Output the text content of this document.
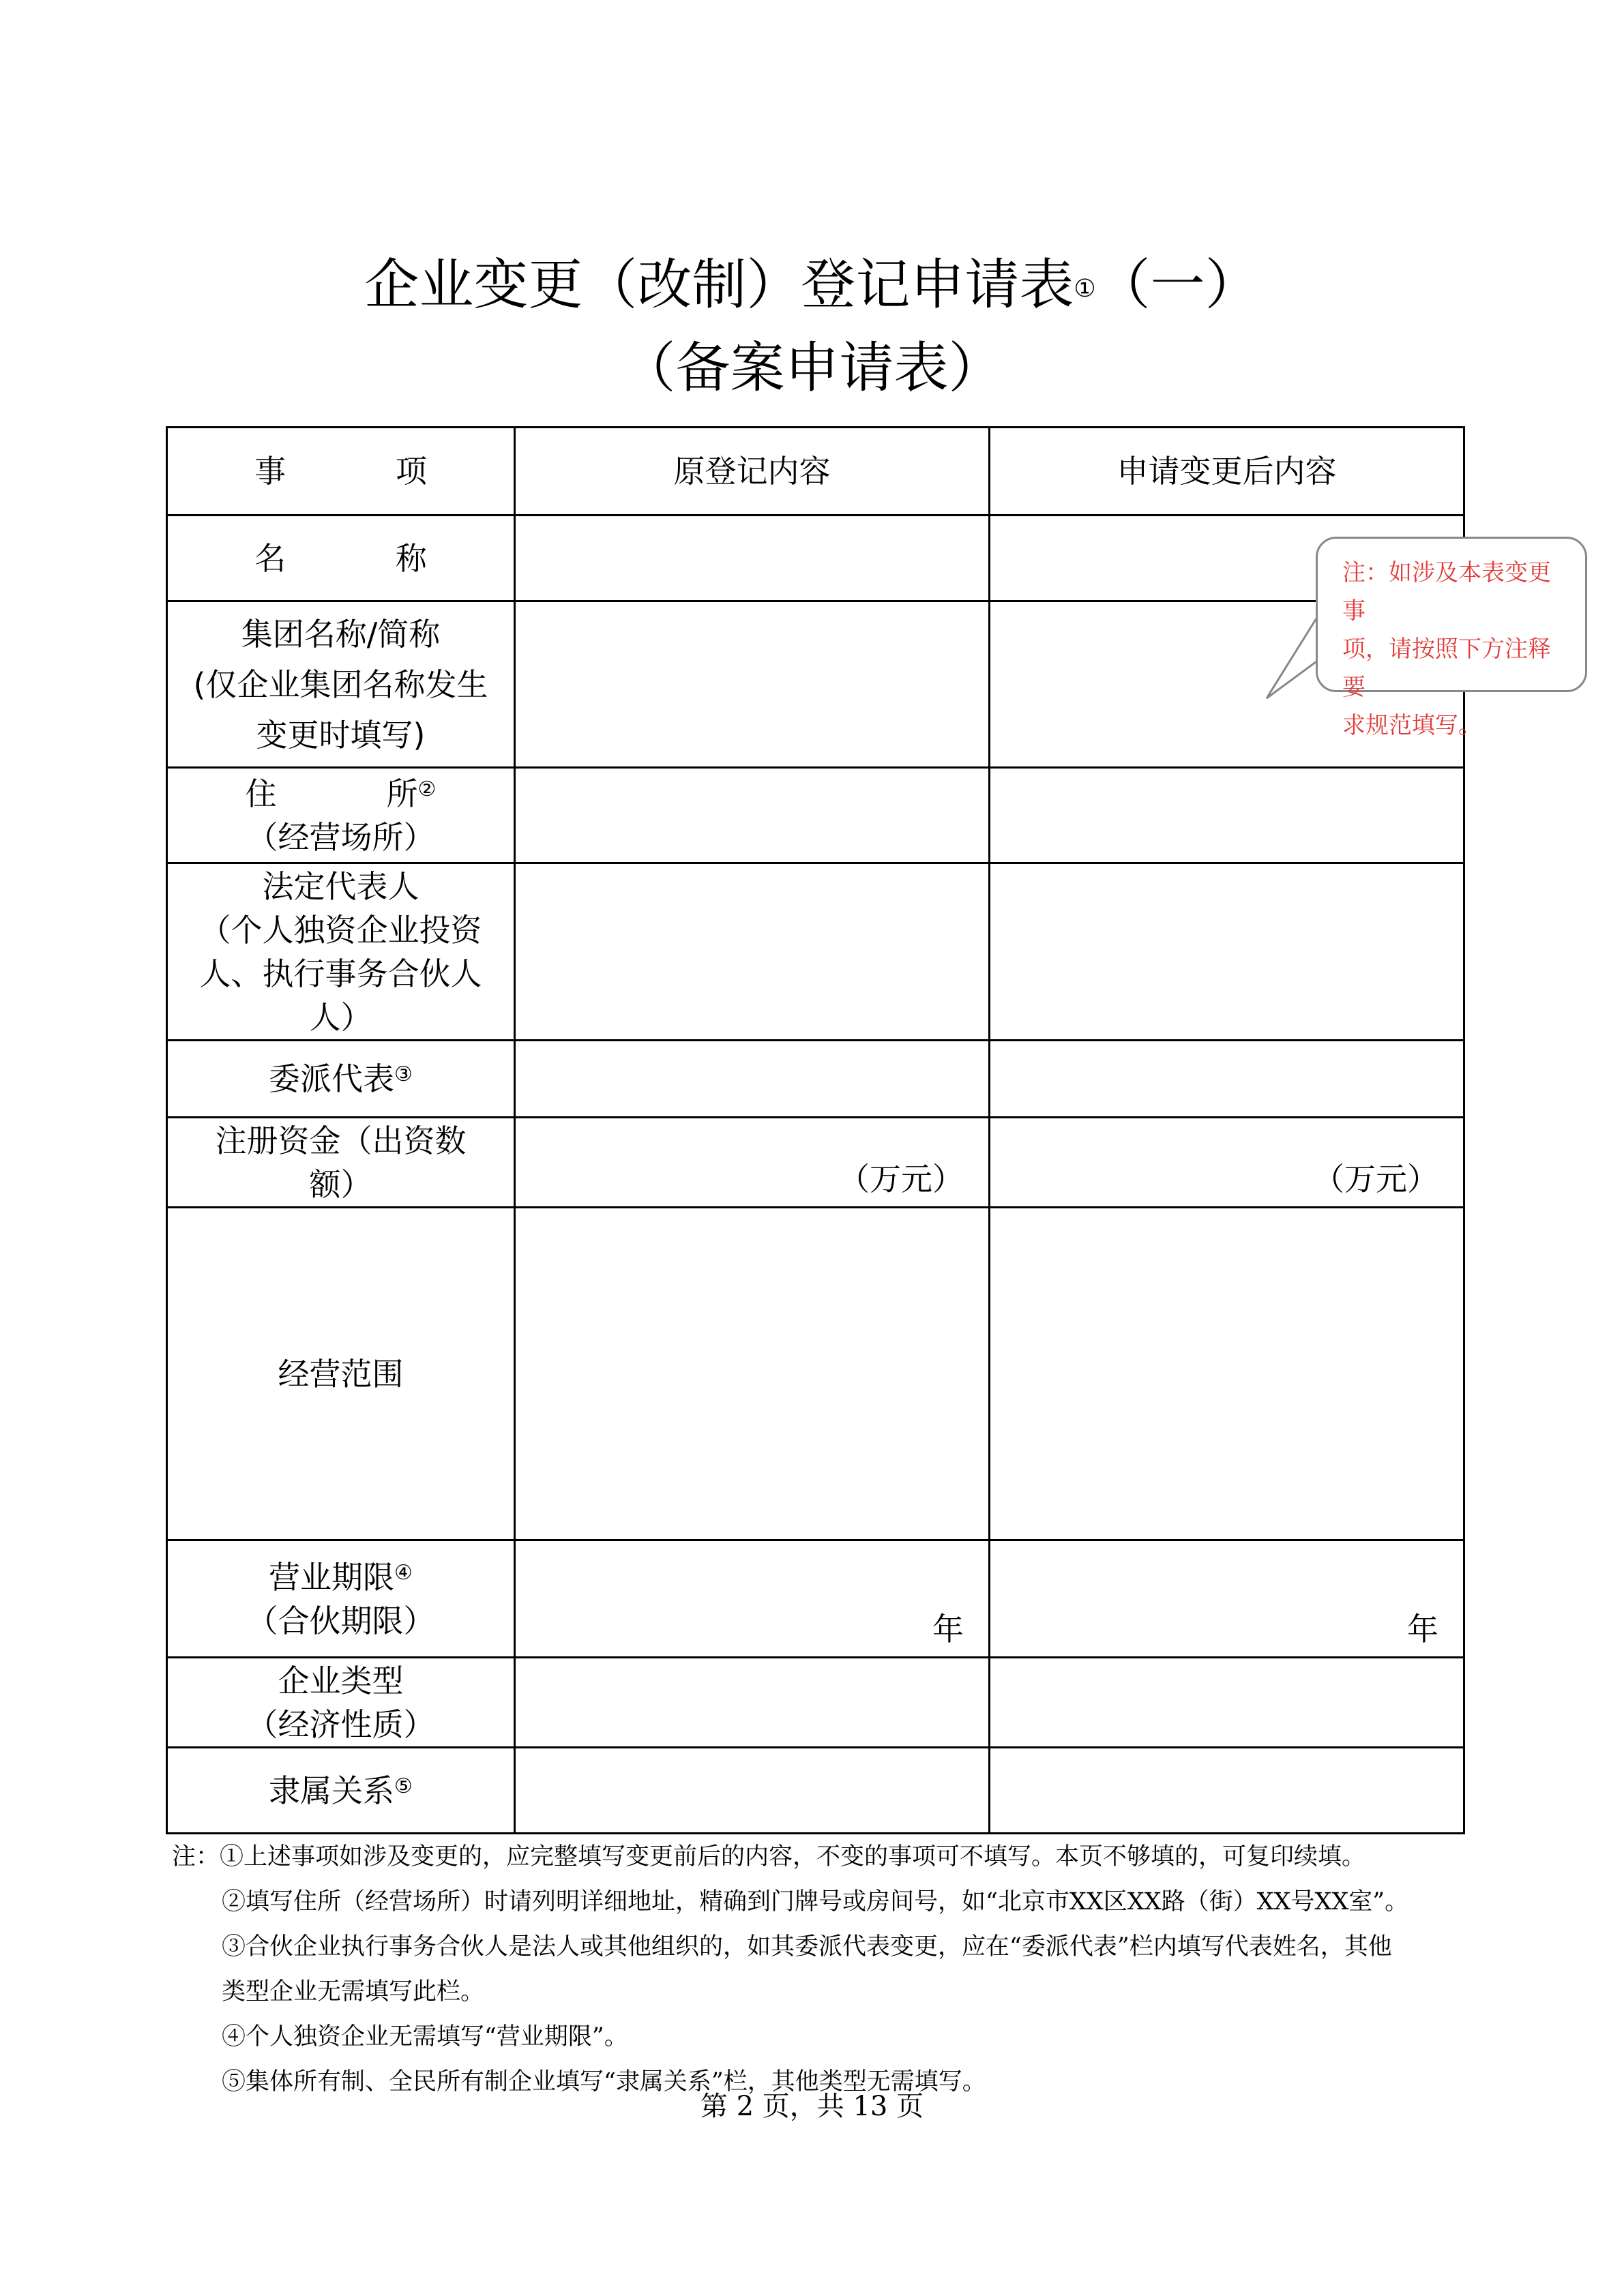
企业变更（改制）登记申请表①（一）
（备案申请表）
事           项	原登记内容	申请变更后内容
名           称		

集团名称/简称
(仅企业集团名称发生
变更时填写)		

住           所②
（经营场所）		

法定代表人
（个人独资企业投资
人、执行事务合伙人
人）		

委派代表③		

注册资金（出资数
额）	（万元）	（万元）

经营范围		

营业期限④
（合伙期限）	年	年

企业类型
（经济性质）		

隶属关系⑤		
注：如涉及本表变更事
项，请按照下方注释要
求规范填写。
注：①上述事项如涉及变更的，应完整填写变更前后的内容，不变的事项可不填写。本页不够填的，可复印续填。
②填写住所（经营场所）时请列明详细地址，精确到门牌号或房间号，如“北京市XX区XX路（街）XX号XX室”。
③合伙企业执行事务合伙人是法人或其他组织的，如其委派代表变更，应在“委派代表”栏内填写代表姓名，其他
类型企业无需填写此栏。
④个人独资企业无需填写“营业期限”。
⑤集体所有制、全民所有制企业填写“隶属关系”栏，其他类型无需填写。
第 2 页，共 13 页
